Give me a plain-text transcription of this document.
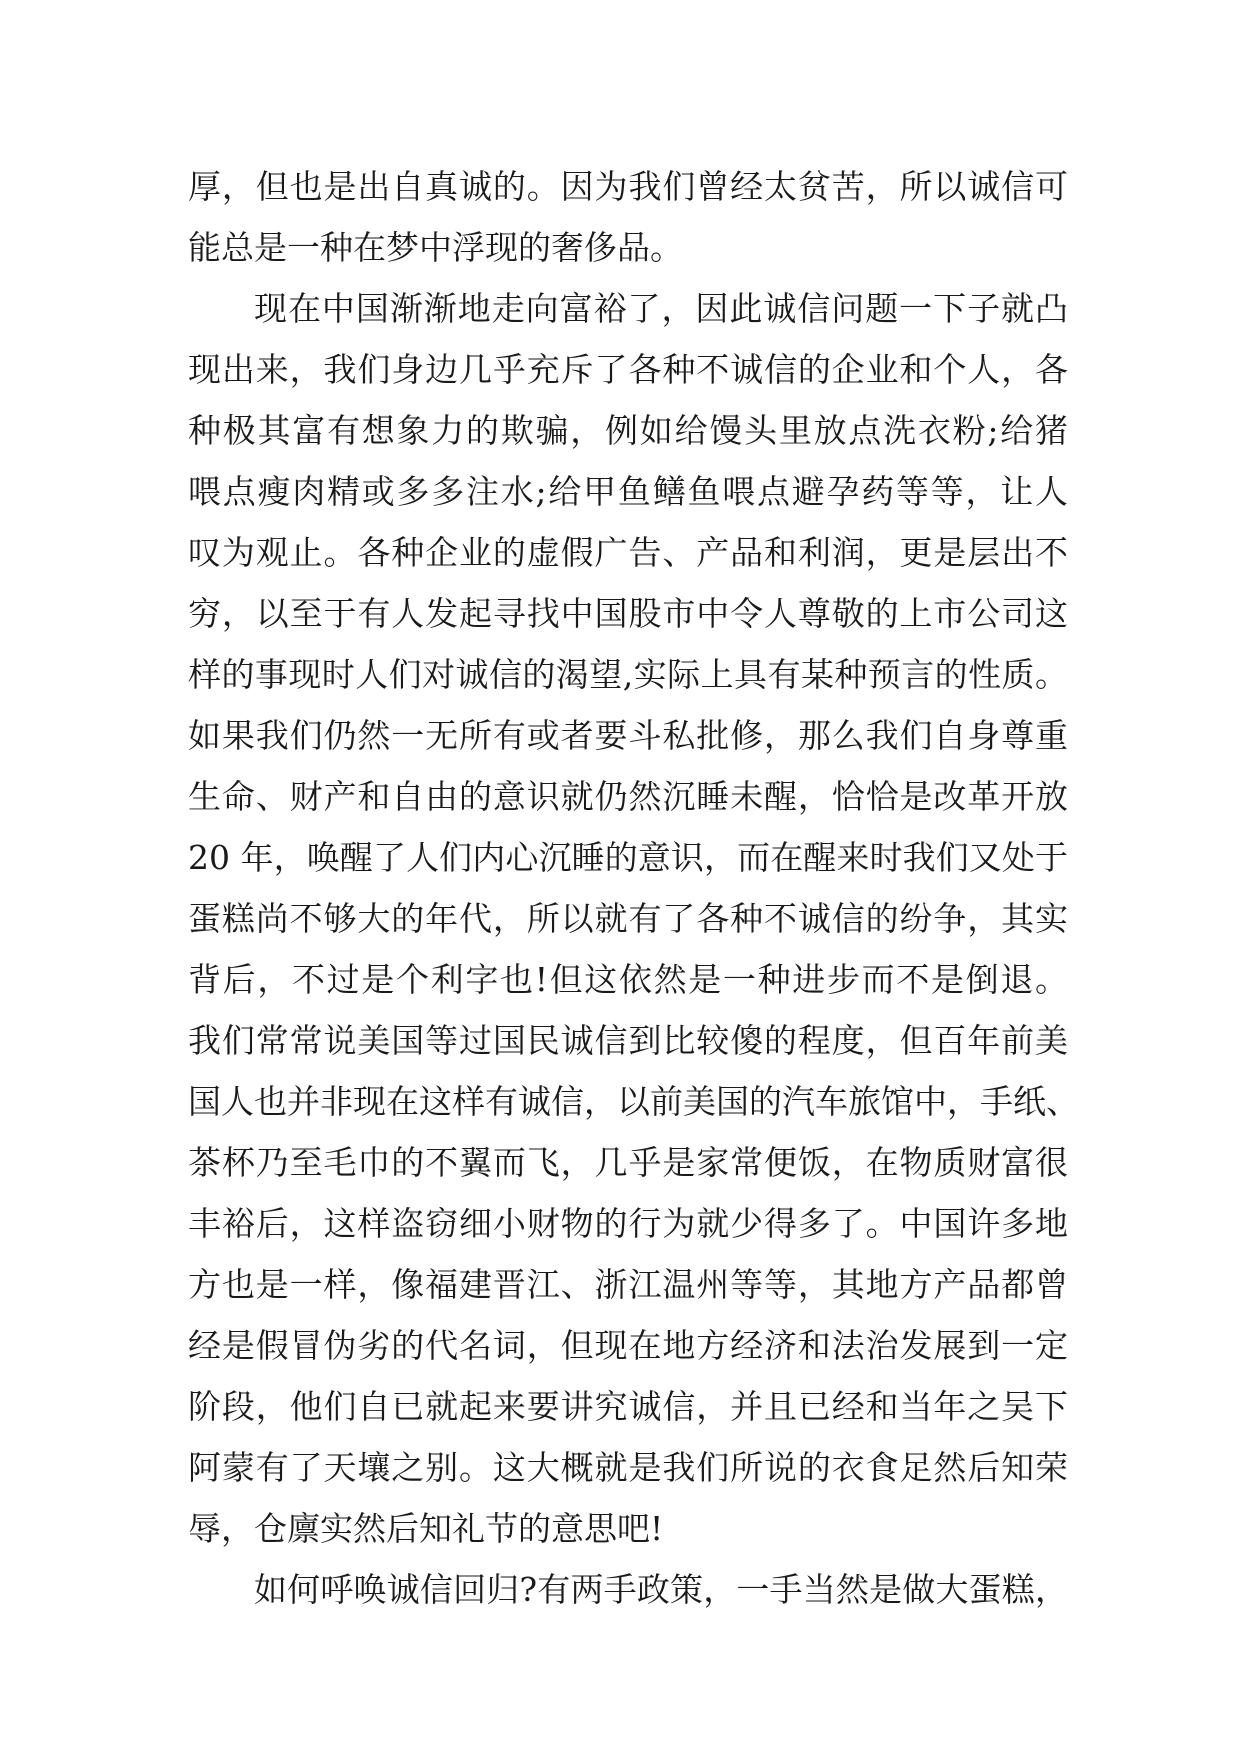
厚，但也是出自真诚的。因为我们曾经太贫苦，所以诚信可
能总是一种在梦中浮现的奢侈品。
现在中国渐渐地走向富裕了，因此诚信问题一下子就凸
现出来，我们身边几乎充斥了各种不诚信的企业和个人，各
种极其富有想象力的欺骗，例如给馒头里放点洗衣粉;给猪
喂点瘦肉精或多多注水;给甲鱼鳝鱼喂点避孕药等等，让人
叹为观止。各种企业的虚假广告、产品和利润，更是层出不
穷，以至于有人发起寻找中国股市中令人尊敬的上市公司这
样的事现时人们对诚信的渴望,实际上具有某种预言的性质。
如果我们仍然一无所有或者要斗私批修，那么我们自身尊重
生命、财产和自由的意识就仍然沉睡未醒，恰恰是改革开放
20 年，唤醒了人们内心沉睡的意识，而在醒来时我们又处于
蛋糕尚不够大的年代，所以就有了各种不诚信的纷争，其实
背后，不过是个利字也!但这依然是一种进步而不是倒退。
我们常常说美国等过国民诚信到比较傻的程度，但百年前美
国人也并非现在这样有诚信，以前美国的汽车旅馆中，手纸、
茶杯乃至毛巾的不翼而飞，几乎是家常便饭，在物质财富很
丰裕后，这样盗窃细小财物的行为就少得多了。中国许多地
方也是一样，像福建晋江、浙江温州等等，其地方产品都曾
经是假冒伪劣的代名词，但现在地方经济和法治发展到一定
阶段，他们自已就起来要讲究诚信，并且已经和当年之吴下
阿蒙有了天壤之别。这大概就是我们所说的衣食足然后知荣
辱，仓廪实然后知礼节的意思吧!
如何呼唤诚信回归?有两手政策，一手当然是做大蛋糕，
